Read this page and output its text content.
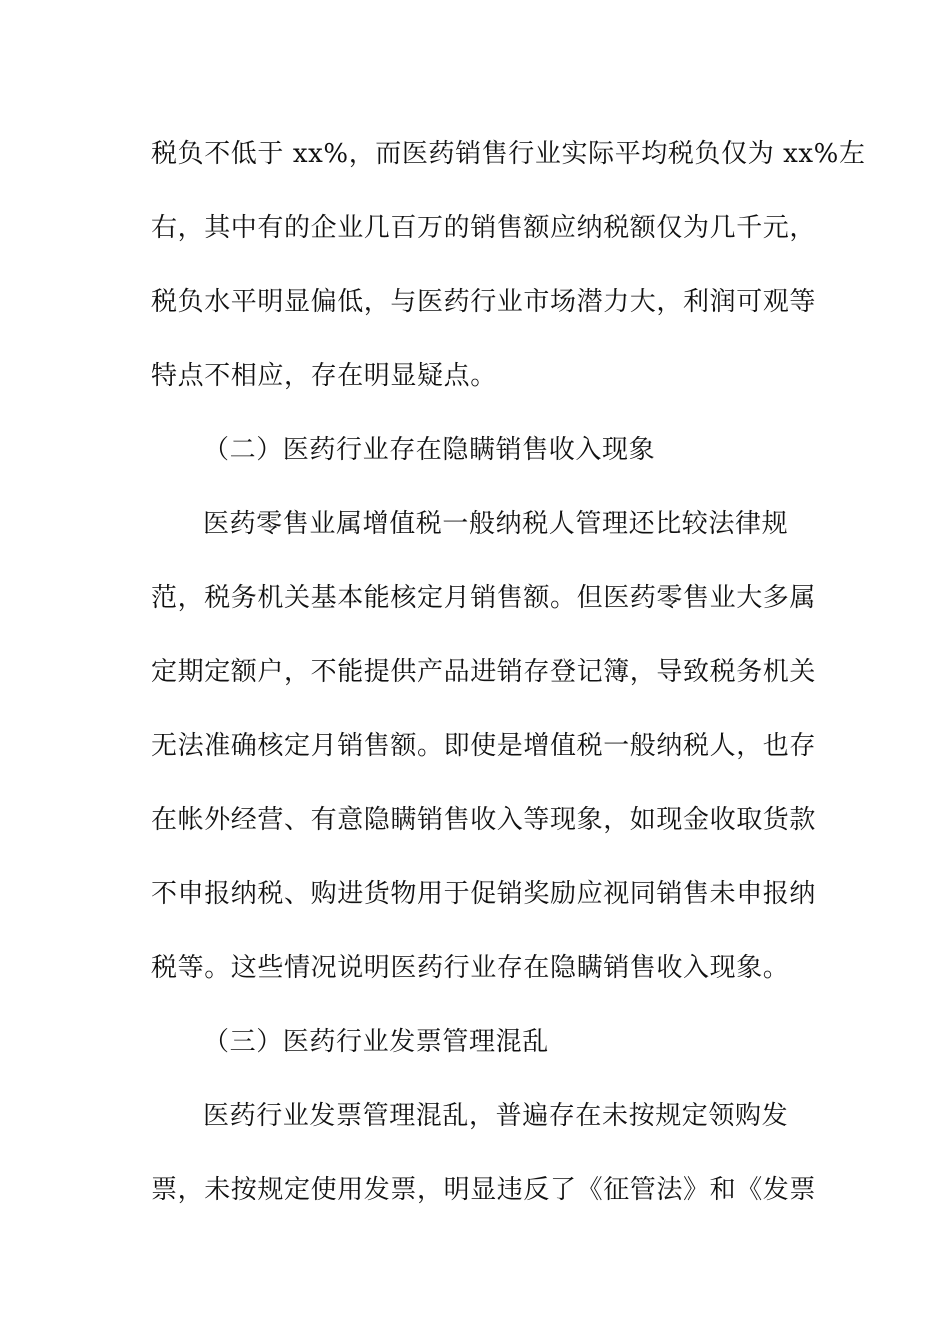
税负不低于 xx%，而医药销售行业实际平均税负仅为 xx%左
右，其中有的企业几百万的销售额应纳税额仅为几千元，
税负水平明显偏低，与医药行业市场潜力大，利润可观等
特点不相应，存在明显疑点。
（二）医药行业存在隐瞒销售收入现象
医药零售业属增值税一般纳税人管理还比较法律规
范，税务机关基本能核定月销售额。但医药零售业大多属
定期定额户，不能提供产品进销存登记簿，导致税务机关
无法准确核定月销售额。即使是增值税一般纳税人，也存
在帐外经营、有意隐瞒销售收入等现象，如现金收取货款
不申报纳税、购进货物用于促销奖励应视同销售未申报纳
税等。这些情况说明医药行业存在隐瞒销售收入现象。
（三）医药行业发票管理混乱
医药行业发票管理混乱，普遍存在未按规定领购发
票，未按规定使用发票，明显违反了《征管法》和《发票
